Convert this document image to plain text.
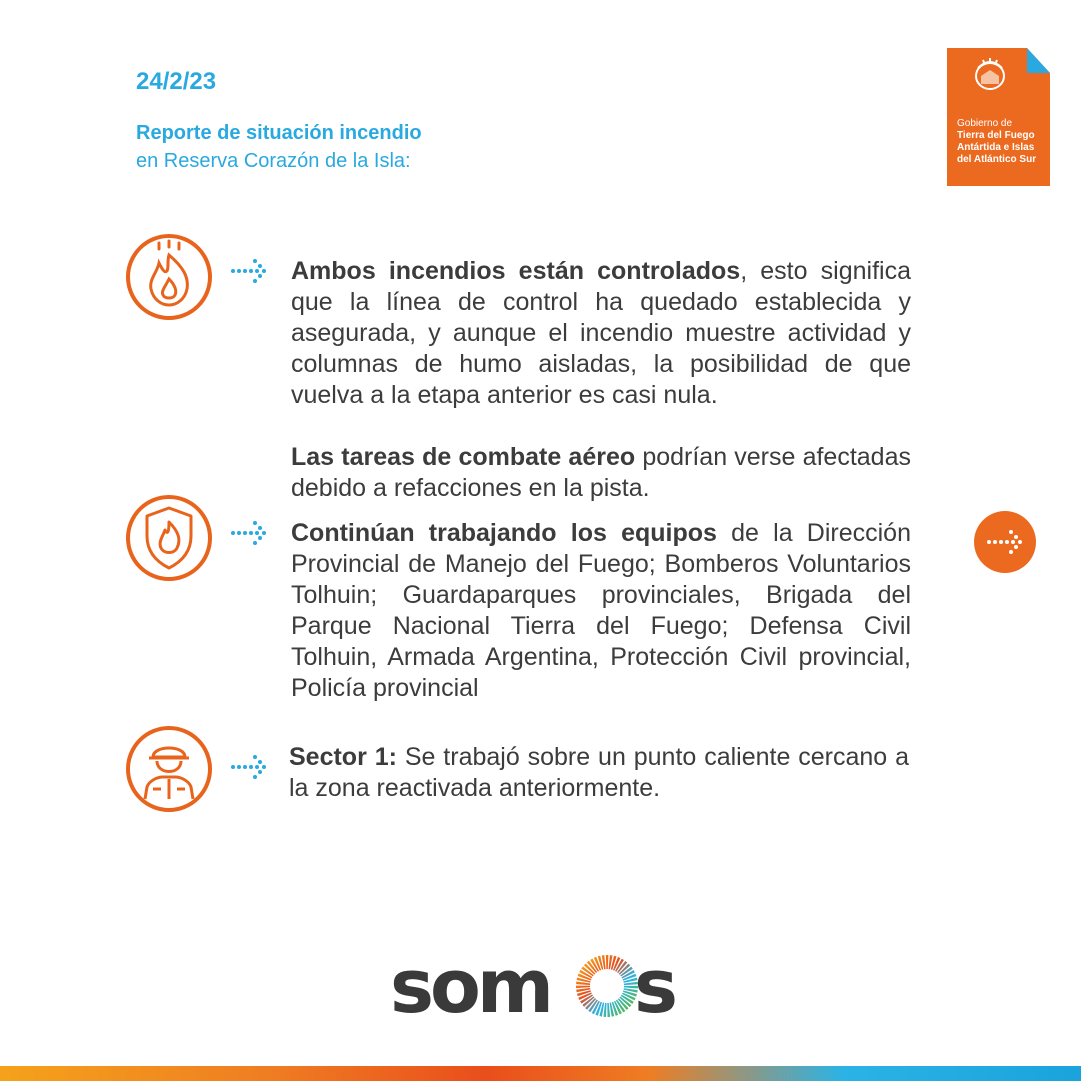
24/2/23
Reporte de situación incendio
en Reserva Corazón de la Isla:
Gobierno de
Tierra del Fuego
Antártida e Islas
del Atlántico Sur
Ambos incendios están controlados, esto significa que la línea de control ha quedado establecida y asegurada, y aunque el incendio muestre actividad y columnas de humo aisladas, la posibilidad de que vuelva a la etapa anterior es casi nula.
Las tareas de combate aéreo podrían verse afectadas debido a refacciones en la pista.
Continúan trabajando los equipos de la Dirección Provincial de Manejo del Fuego; Bomberos Voluntarios Tolhuin; Guardaparques provinciales, Brigada del Parque Nacional Tierra del Fuego; Defensa Civil Tolhuin, Armada Argentina, Protección Civil provincial, Policía provincial
Sector 1: Se trabajó sobre un punto caliente cercano a la zona reactivada anteriormente.
som s
